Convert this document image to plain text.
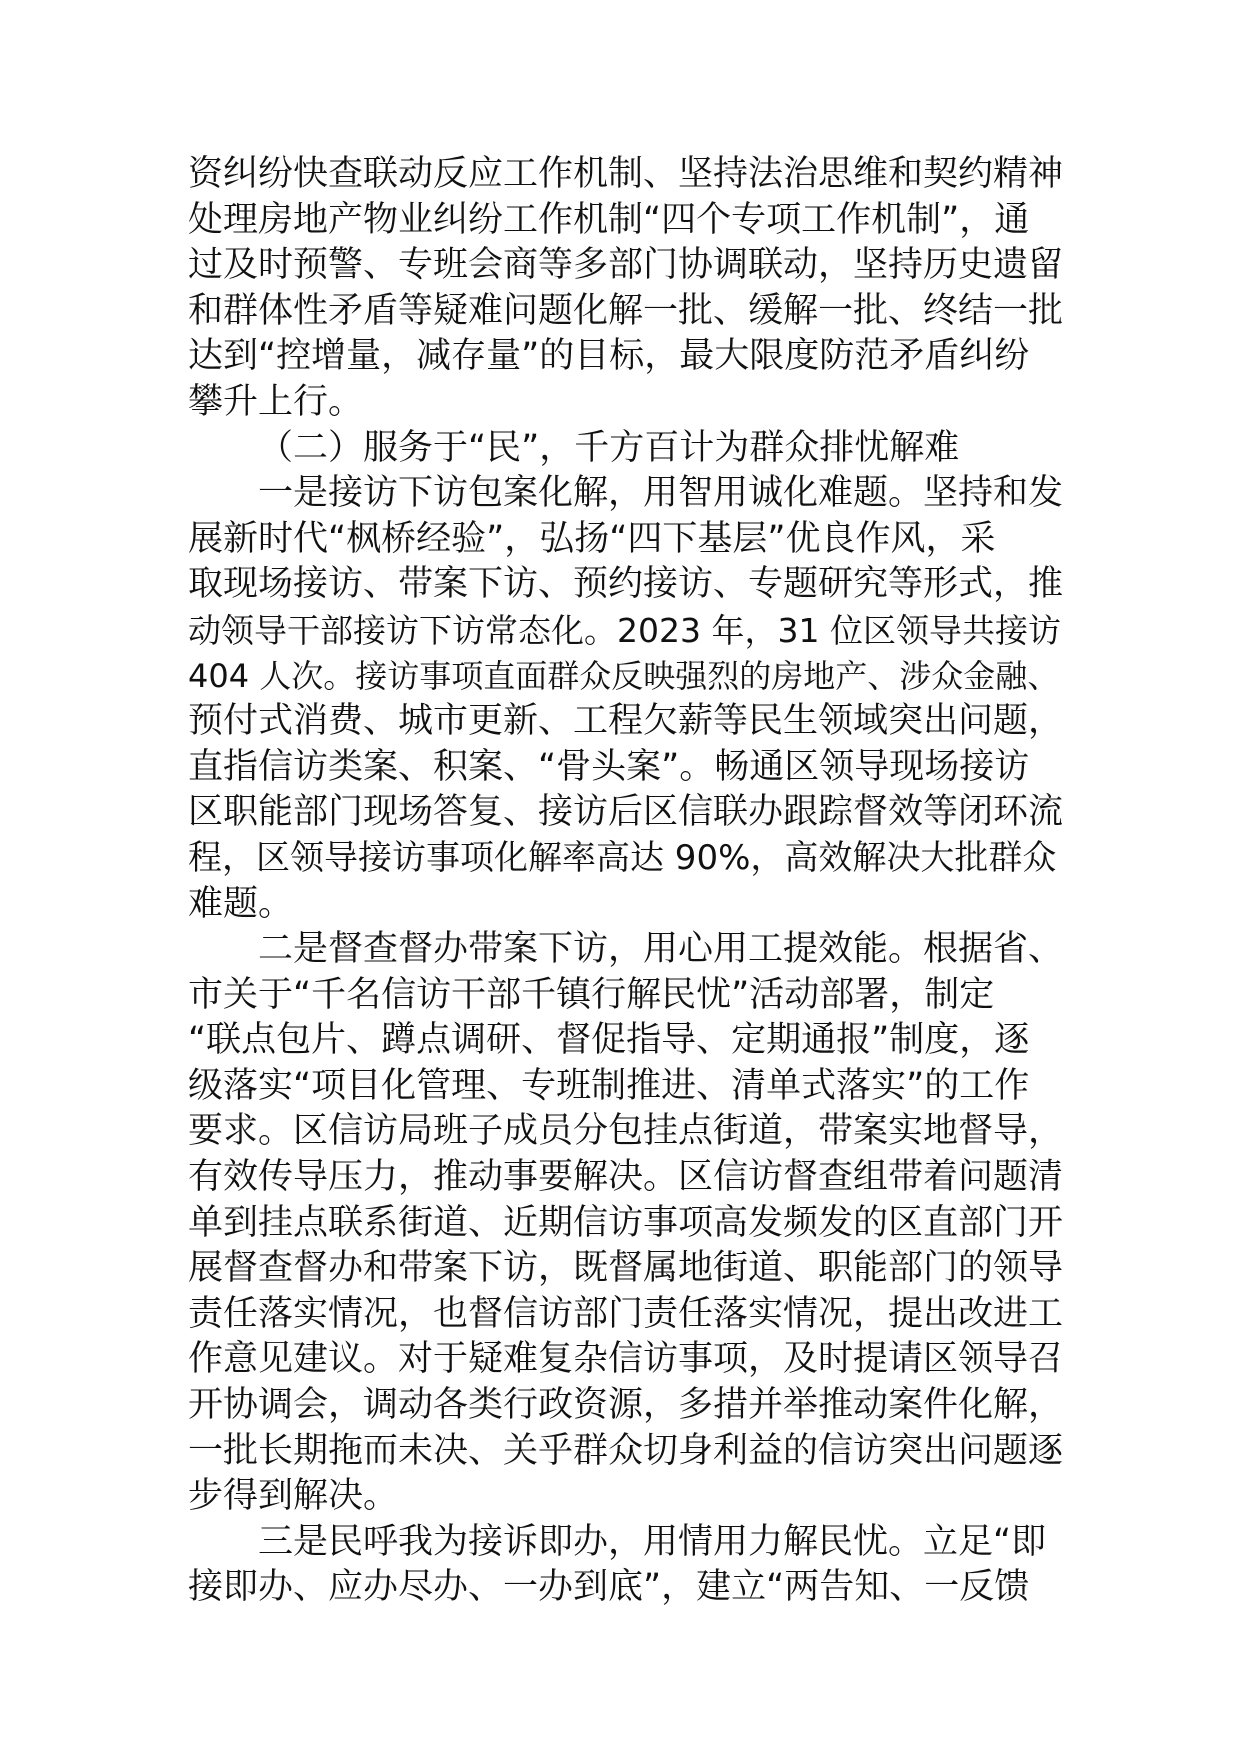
资纠纷快查联动反应工作机制、坚持法治思维和契约精神
处理房地产物业纠纷工作机制“四个专项工作机制”，通
过及时预警、专班会商等多部门协调联动，坚持历史遗留
和群体性矛盾等疑难问题化解一批、缓解一批、终结一批
达到“控增量，减存量”的目标，最大限度防范矛盾纠纷
攀升上行。
（二）服务于“民”，千方百计为群众排忧解难
一是接访下访包案化解，用智用诚化难题。坚持和发
展新时代“枫桥经验”，弘扬“四下基层”优良作风，采
取现场接访、带案下访、预约接访、专题研究等形式，推
动领导干部接访下访常态化。2023 年，31 位区领导共接访
404 人次。接访事项直面群众反映强烈的房地产、涉众金融、
预付式消费、城市更新、工程欠薪等民生领域突出问题，
直指信访类案、积案、“骨头案”。畅通区领导现场接访
区职能部门现场答复、接访后区信联办跟踪督效等闭环流
程，区领导接访事项化解率高达 90%，高效解决大批群众
难题。
二是督查督办带案下访，用心用工提效能。根据省、
市关于“千名信访干部千镇行解民忧”活动部署，制定
“联点包片、蹲点调研、督促指导、定期通报”制度，逐
级落实“项目化管理、专班制推进、清单式落实”的工作
要求。区信访局班子成员分包挂点街道，带案实地督导，
有效传导压力，推动事要解决。区信访督查组带着问题清
单到挂点联系街道、近期信访事项高发频发的区直部门开
展督查督办和带案下访，既督属地街道、职能部门的领导
责任落实情况，也督信访部门责任落实情况，提出改进工
作意见建议。对于疑难复杂信访事项，及时提请区领导召
开协调会，调动各类行政资源，多措并举推动案件化解，
一批长期拖而未决、关乎群众切身利益的信访突出问题逐
步得到解决。
三是民呼我为接诉即办，用情用力解民忧。立足“即
接即办、应办尽办、一办到底”，建立“两告知、一反馈
